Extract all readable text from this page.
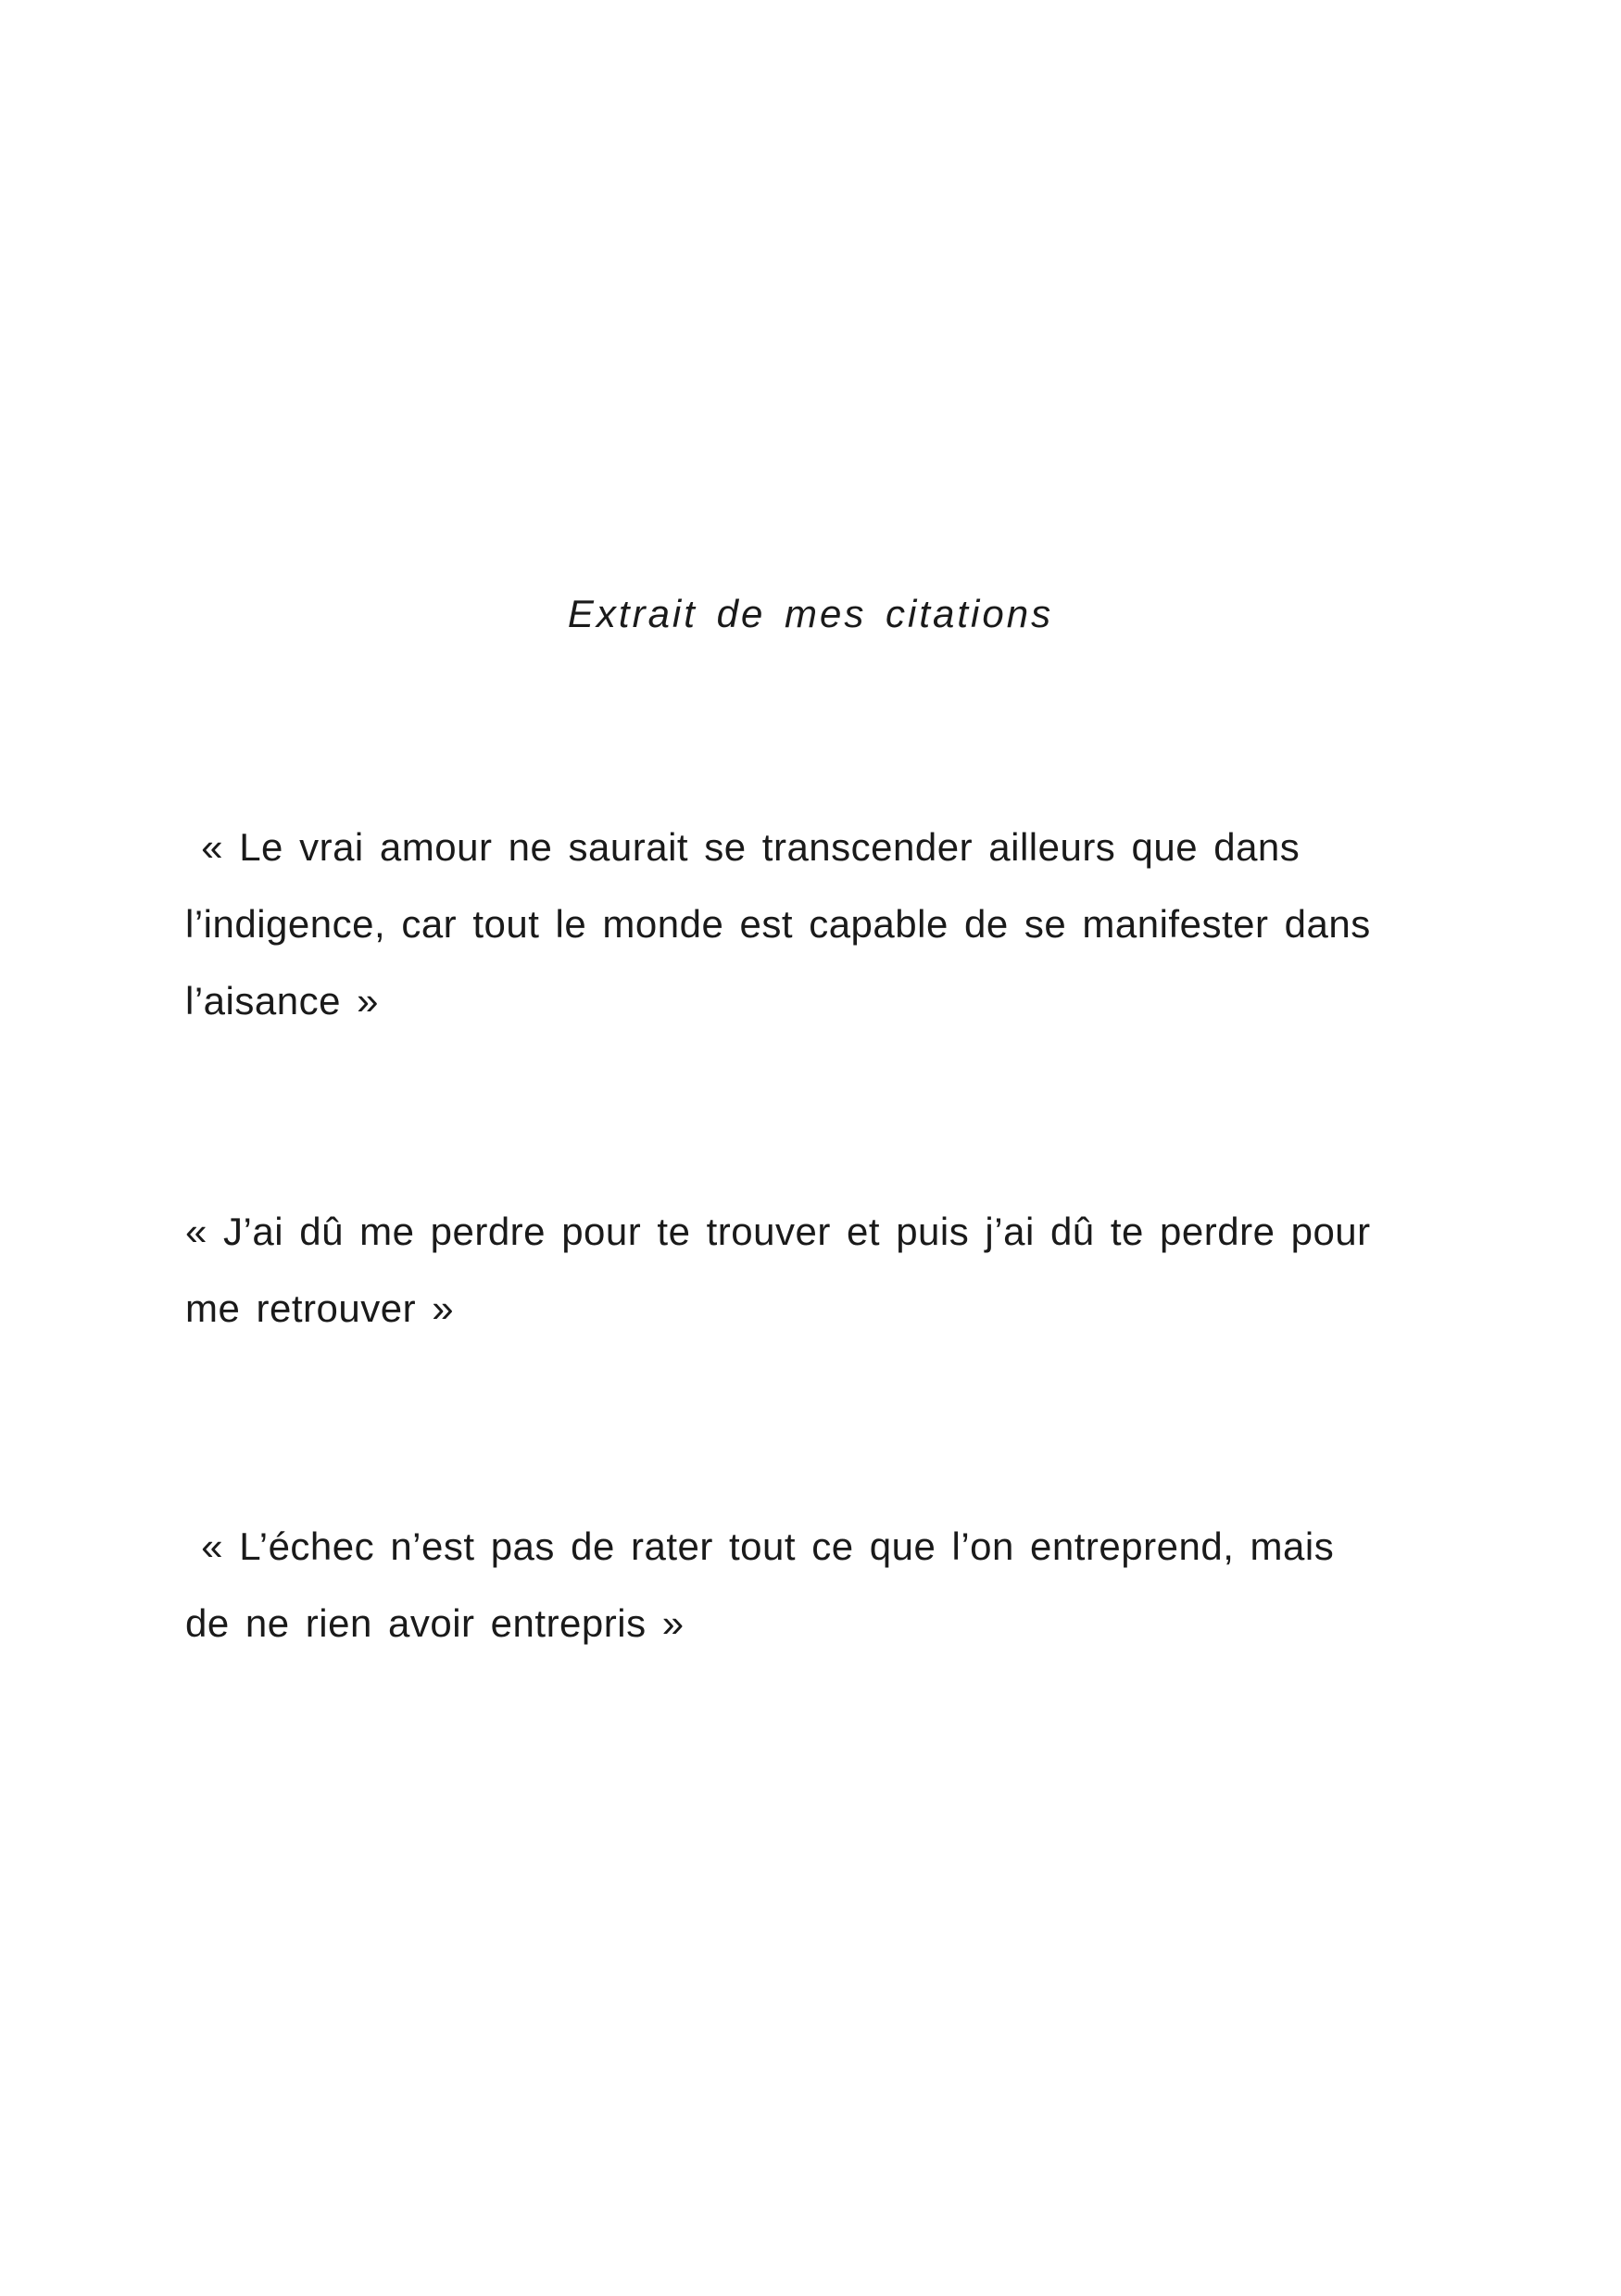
Extrait de mes citations

« Le vrai amour ne saurait se transcender ailleurs que dans

l’indigence, car tout le monde est capable de se manifester dans

l’aisance »

« J’ai dû me perdre pour te trouver et puis j’ai dû te perdre pour

me retrouver »

« L’échec n’est pas de rater tout ce que l’on entreprend, mais

de ne rien avoir entrepris »
